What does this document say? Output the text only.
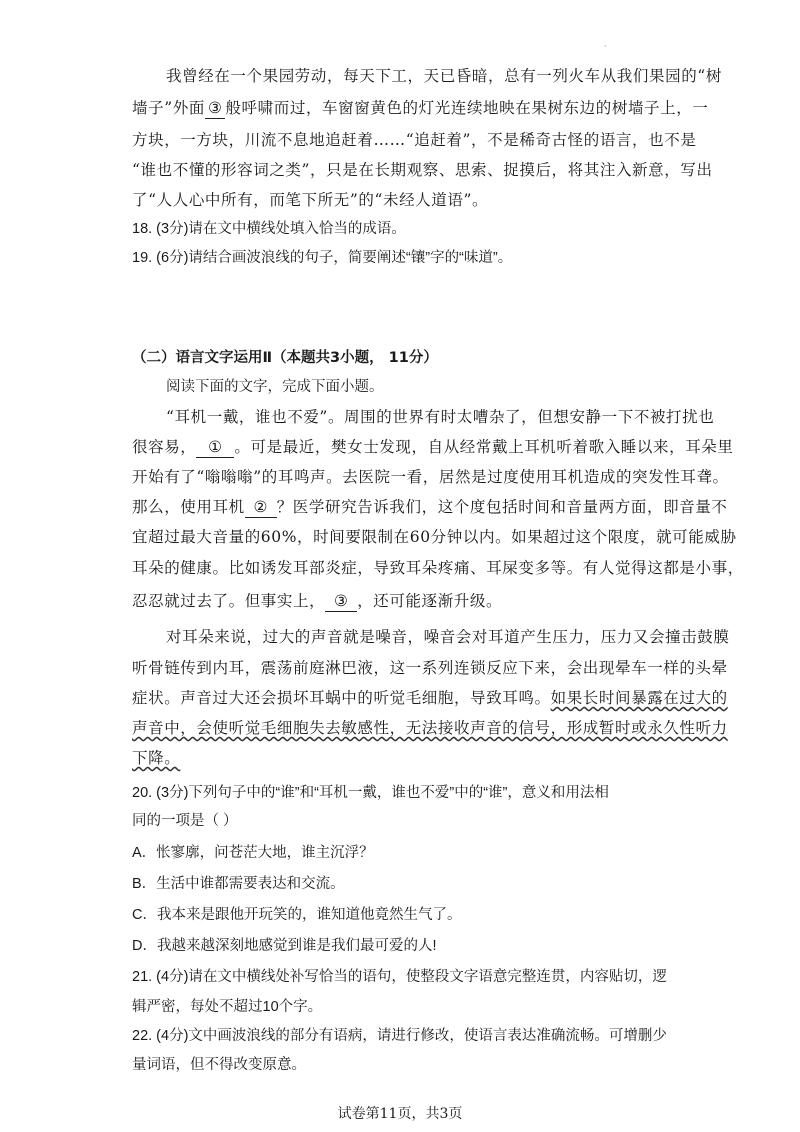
·
我曾经在一个果园劳动，每天下工，天已昏暗，总有一列火车从我们果园的“树
墙子”外面 ③ 般呼啸而过，车窗窗黄色的灯光连续地映在果树东边的树墙子上，一
方块，一方块，川流不息地追赶着……“追赶着”，不是稀奇古怪的语言，也不是
“谁也不懂的形容词之类”，只是在长期观察、思索、捉摸后，将其注入新意，写出
了“人人心中所有，而笔下所无”的“未经人道语”。
18. (3分)请在文中横线处填入恰当的成语。
19. (6分)请结合画波浪线的句子，简要阐述“镶”字的“味道”。
（二）语言文字运用Ⅱ（本题共3小题， 11分）
阅读下面的文字，完成下面小题。
“耳机一戴，谁也不爱”。周围的世界有时太嘈杂了，但想安静一下不被打扰也
很容易， ① 。可是最近，樊女士发现，自从经常戴上耳机听着歌入睡以来，耳朵里
开始有了“嗡嗡嗡”的耳鸣声。去医院一看，居然是过度使用耳机造成的突发性耳聋。
那么，使用耳机 ② ？医学研究告诉我们，这个度包括时间和音量两方面，即音量不
宜超过最大音量的60%，时间要限制在60分钟以内。如果超过这个限度，就可能威胁
耳朵的健康。比如诱发耳部炎症，导致耳朵疼痛、耳屎变多等。有人觉得这都是小事，
忍忍就过去了。但事实上， ③ ，还可能逐渐升级。
对耳朵来说，过大的声音就是噪音，噪音会对耳道产生压力，压力又会撞击鼓膜
听骨链传到内耳，震荡前庭淋巴液，这一系列连锁反应下来，会出现晕车一样的头晕
症状。声音过大还会损坏耳蜗中的听觉毛细胞，导致耳鸣。如果长时间暴露在过大的
声音中，会使听觉毛细胞失去敏感性，无法接收声音的信号，形成暂时或永久性听力
下降。
20. (3分)下列句子中的“谁”和“耳机一戴，谁也不爱”中的“谁”，意义和用法相
同的一项是（ ）
A．怅寥廓，问苍茫大地，谁主沉浮？
B．生活中谁都需要表达和交流。
C．我本来是跟他开玩笑的，谁知道他竟然生气了。
D．我越来越深刻地感觉到谁是我们最可爱的人!
21. (4分)请在文中横线处补写恰当的语句，使整段文字语意完整连贯，内容贴切，逻
辑严密，每处不超过10个字。
22. (4分)文中画波浪线的部分有语病，请进行修改，使语言表达准确流畅。可增删少
量词语，但不得改变原意。
试卷第11页，共3页
